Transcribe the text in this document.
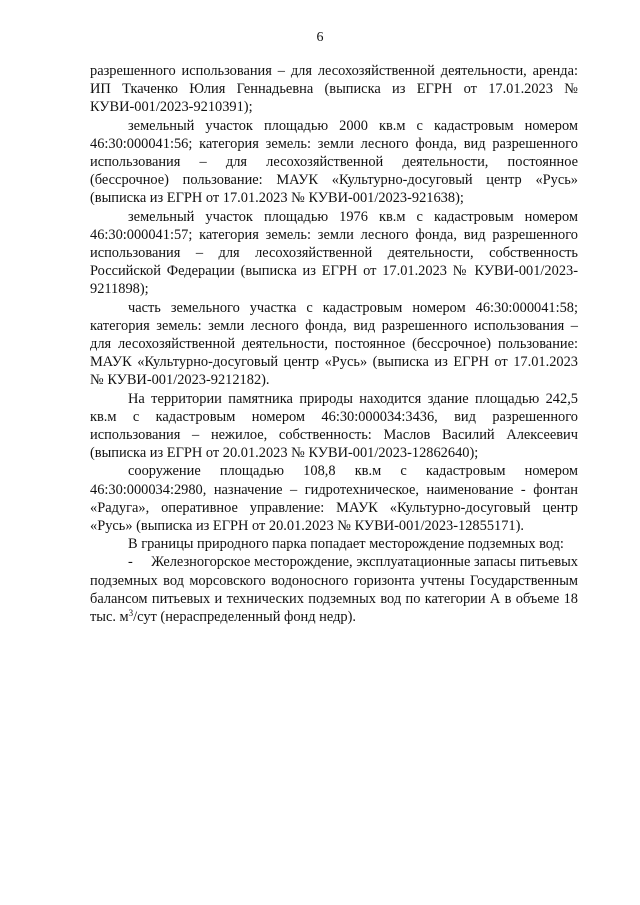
6

разрешенного использования – для лесохозяйственной деятельности, аренда: ИП Ткаченко Юлия Геннадьевна (выписка из ЕГРН от 17.01.2023 № КУВИ-001/2023-9210391);

земельный участок площадью 2000 кв.м с кадастровым номером 46:30:000041:56; категория земель: земли лесного фонда, вид разрешенного использования – для лесохозяйственной деятельности, постоянное (бессрочное) пользование: МАУК «Культурно-досуговый центр «Русь» (выписка из ЕГРН от 17.01.2023 № КУВИ-001/2023-921638);

земельный участок площадью 1976 кв.м с кадастровым номером 46:30:000041:57; категория земель: земли лесного фонда, вид разрешенного использования – для лесохозяйственной деятельности, собственность Российской Федерации (выписка из ЕГРН от 17.01.2023 № КУВИ-001/2023-9211898);

часть земельного участка с кадастровым номером 46:30:000041:58; категория земель: земли лесного фонда, вид разрешенного использования – для лесохозяйственной деятельности, постоянное (бессрочное) пользование: МАУК «Культурно-досуговый центр «Русь» (выписка из ЕГРН от 17.01.2023 № КУВИ-001/2023-9212182).

На территории памятника природы находится здание площадью 242,5 кв.м с кадастровым номером 46:30:000034:3436, вид разрешенного использования – нежилое, собственность: Маслов Василий Алексеевич (выписка из ЕГРН от 20.01.2023 № КУВИ-001/2023-12862640);

сооружение площадью 108,8 кв.м с кадастровым номером 46:30:000034:2980, назначение – гидротехническое, наименование - фонтан «Радуга», оперативное управление: МАУК «Культурно-досуговый центр «Русь» (выписка из ЕГРН от 20.01.2023 № КУВИ-001/2023-12855171).

В границы природного парка попадает месторождение подземных вод:

- Железногорское месторождение, эксплуатационные запасы питьевых подземных вод морсовского водоносного горизонта учтены Государственным балансом питьевых и технических подземных вод по категории А в объеме 18 тыс. $м^3$/сут (нераспределенный фонд недр).
